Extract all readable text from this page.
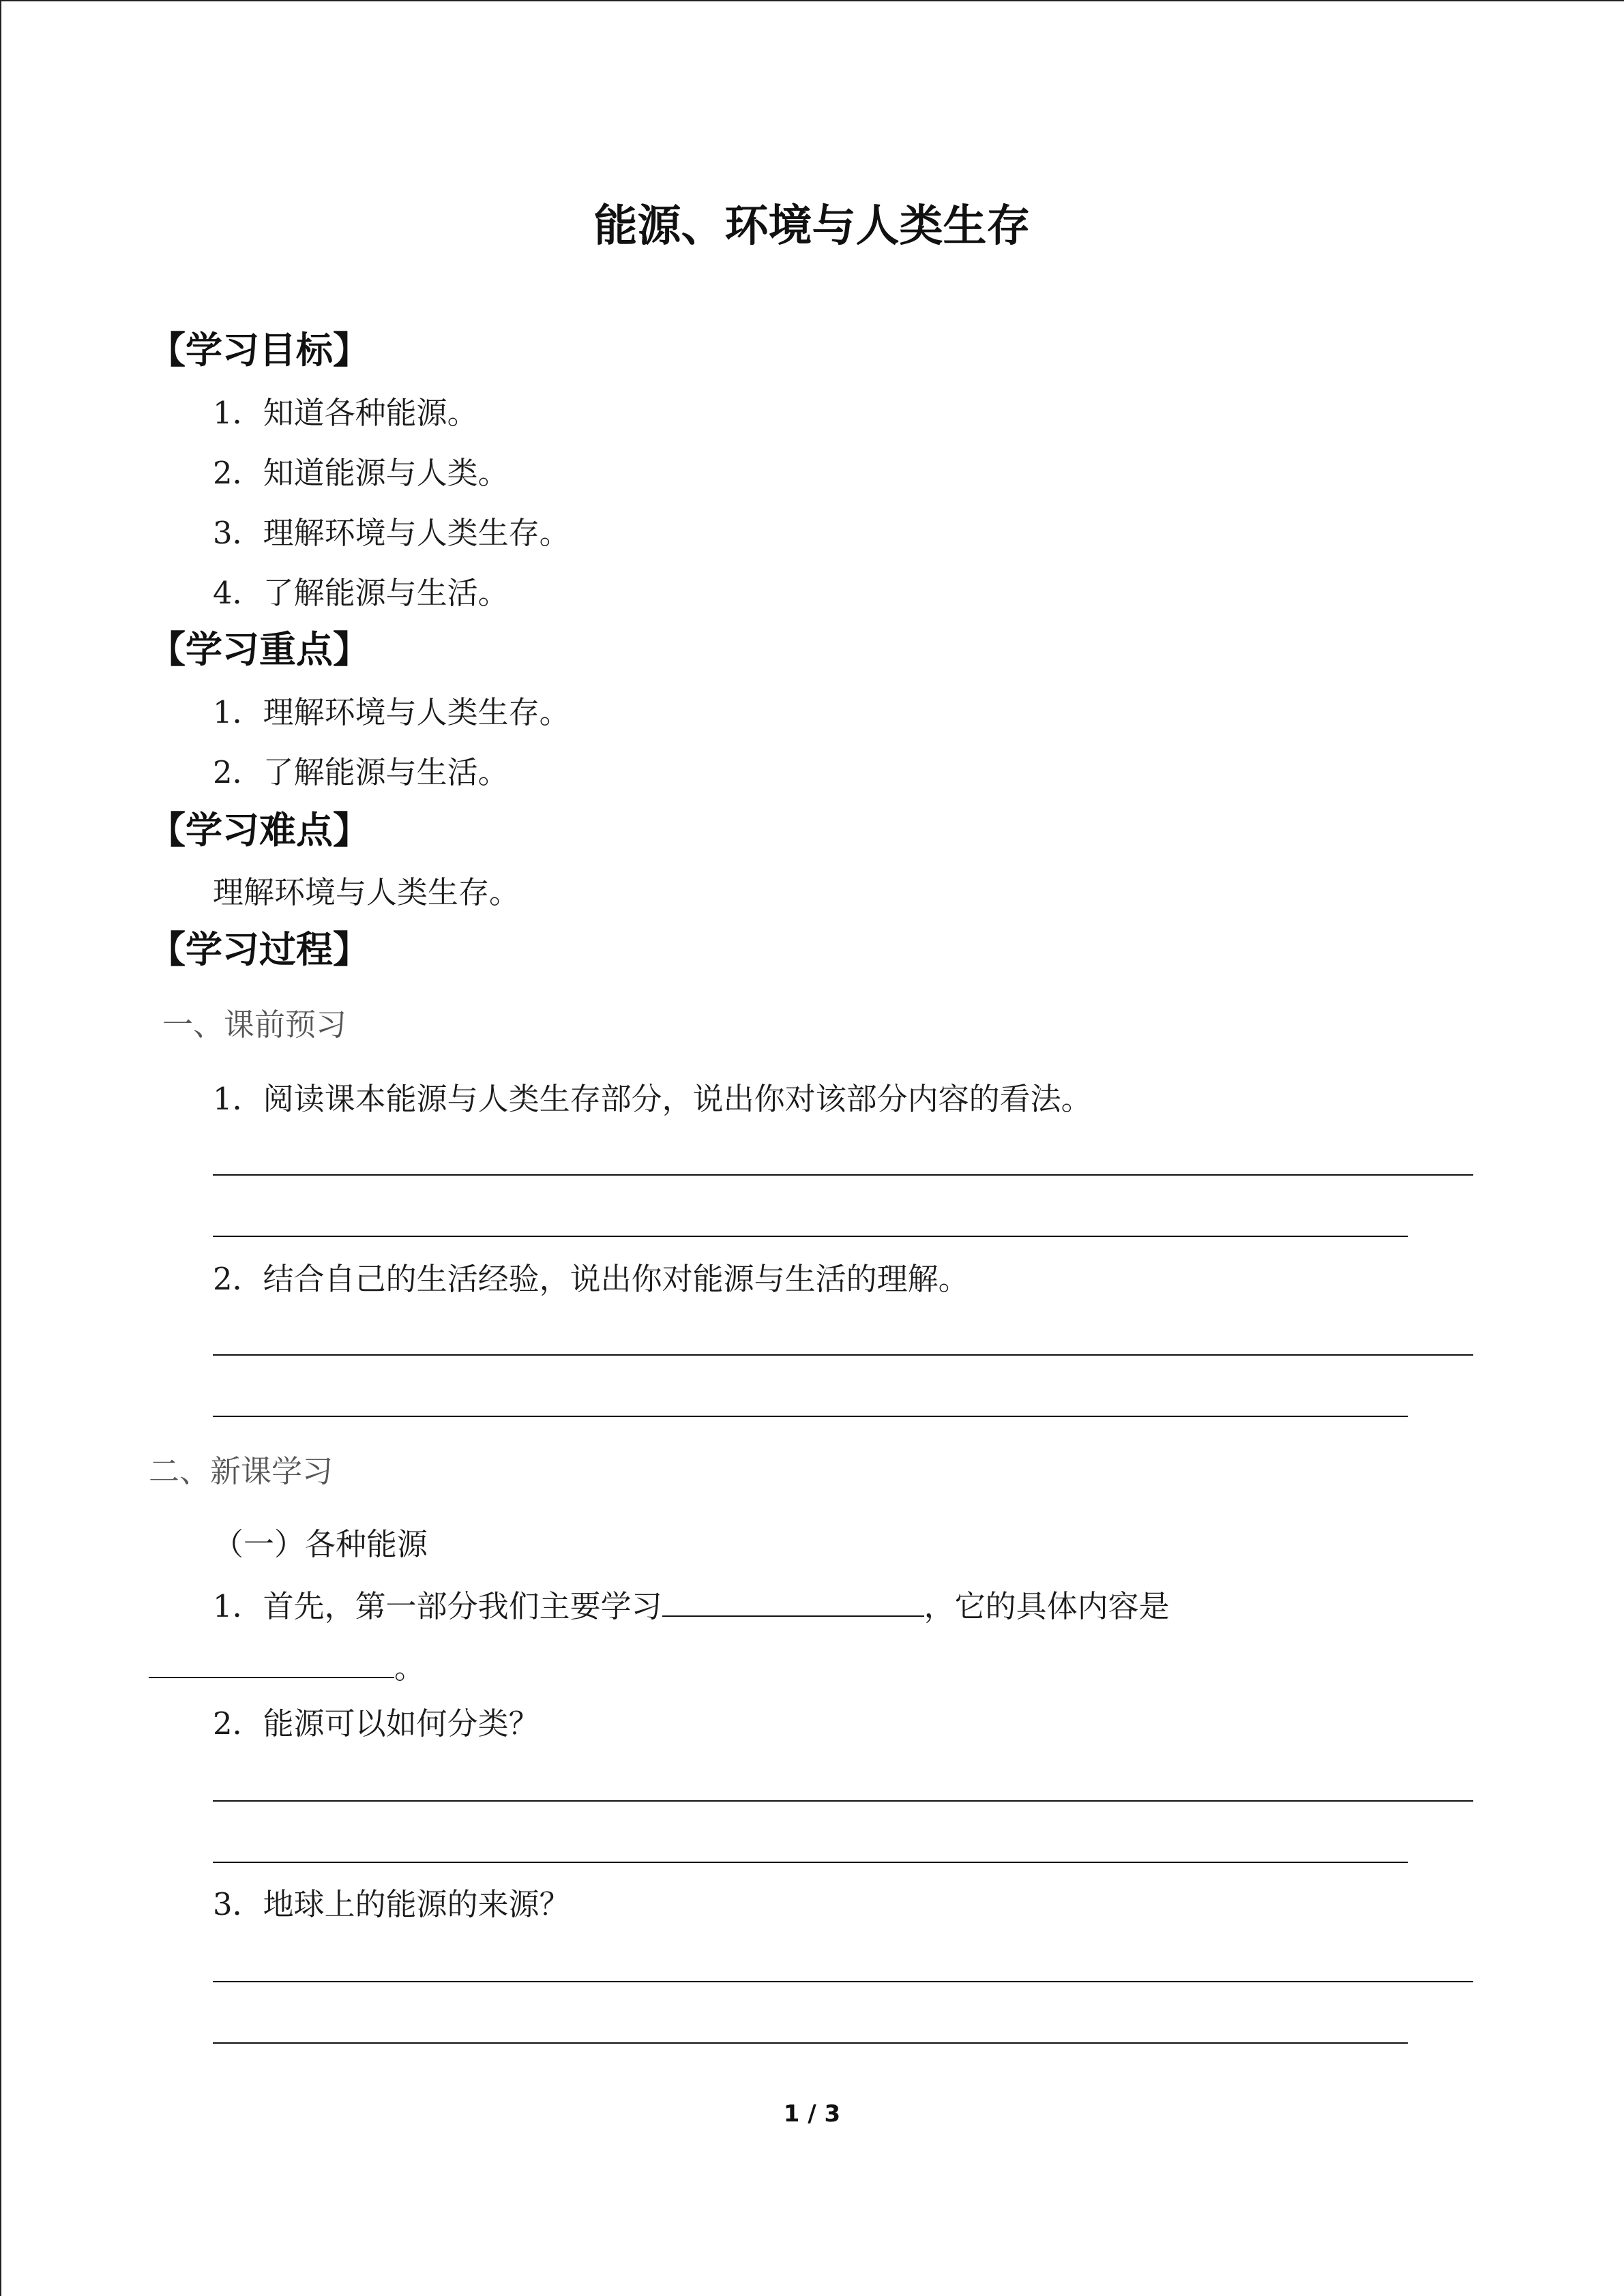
能源、环境与人类生存
【学习目标】
1．知道各种能源。
2．知道能源与人类。
3．理解环境与人类生存。
4．了解能源与生活。
【学习重点】
1．理解环境与人类生存。
2．了解能源与生活。
【学习难点】
理解环境与人类生存。
【学习过程】
一、课前预习
1．阅读课本能源与人类生存部分，说出你对该部分内容的看法。
2．结合自己的生活经验，说出你对能源与生活的理解。
二、新课学习
（一）各种能源
1．首先，第一部分我们主要学习	，它的具体内容是
。
2．能源可以如何分类？
3．地球上的能源的来源？
1 / 3
